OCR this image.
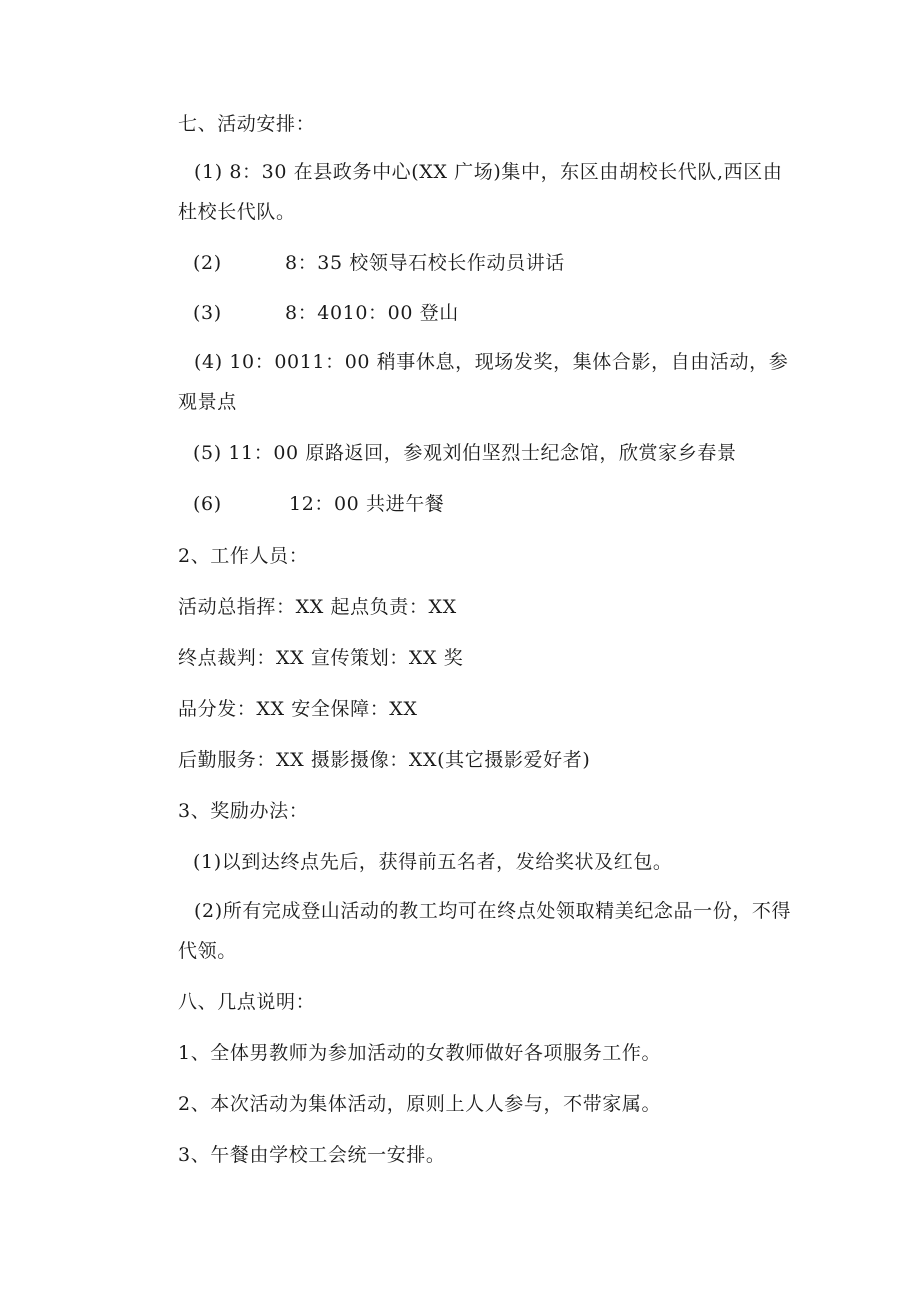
七、活动安排：
(1) 8：30 在县政务中心(XX 广场)集中，东区由胡校长代队,西区由杜校长代队。
(2)	8：35 校领导石校长作动员讲话
(3)	8：4010：00 登山
(4) 10：0011：00 稍事休息，现场发奖，集体合影，自由活动，参观景点
(5) 11：00 原路返回，参观刘伯坚烈士纪念馆，欣赏家乡春景
(6)	12：00 共进午餐
2、工作人员：
活动总指挥：XX 起点负责：XX
终点裁判：XX 宣传策划：XX 奖
品分发：XX 安全保障：XX
后勤服务：XX 摄影摄像：XX(其它摄影爱好者)
3、奖励办法：
(1)以到达终点先后，获得前五名者，发给奖状及红包。
(2)所有完成登山活动的教工均可在终点处领取精美纪念品一份，不得代领。
八、几点说明：
1、全体男教师为参加活动的女教师做好各项服务工作。
2、本次活动为集体活动，原则上人人参与，不带家属。
3、午餐由学校工会统一安排。
